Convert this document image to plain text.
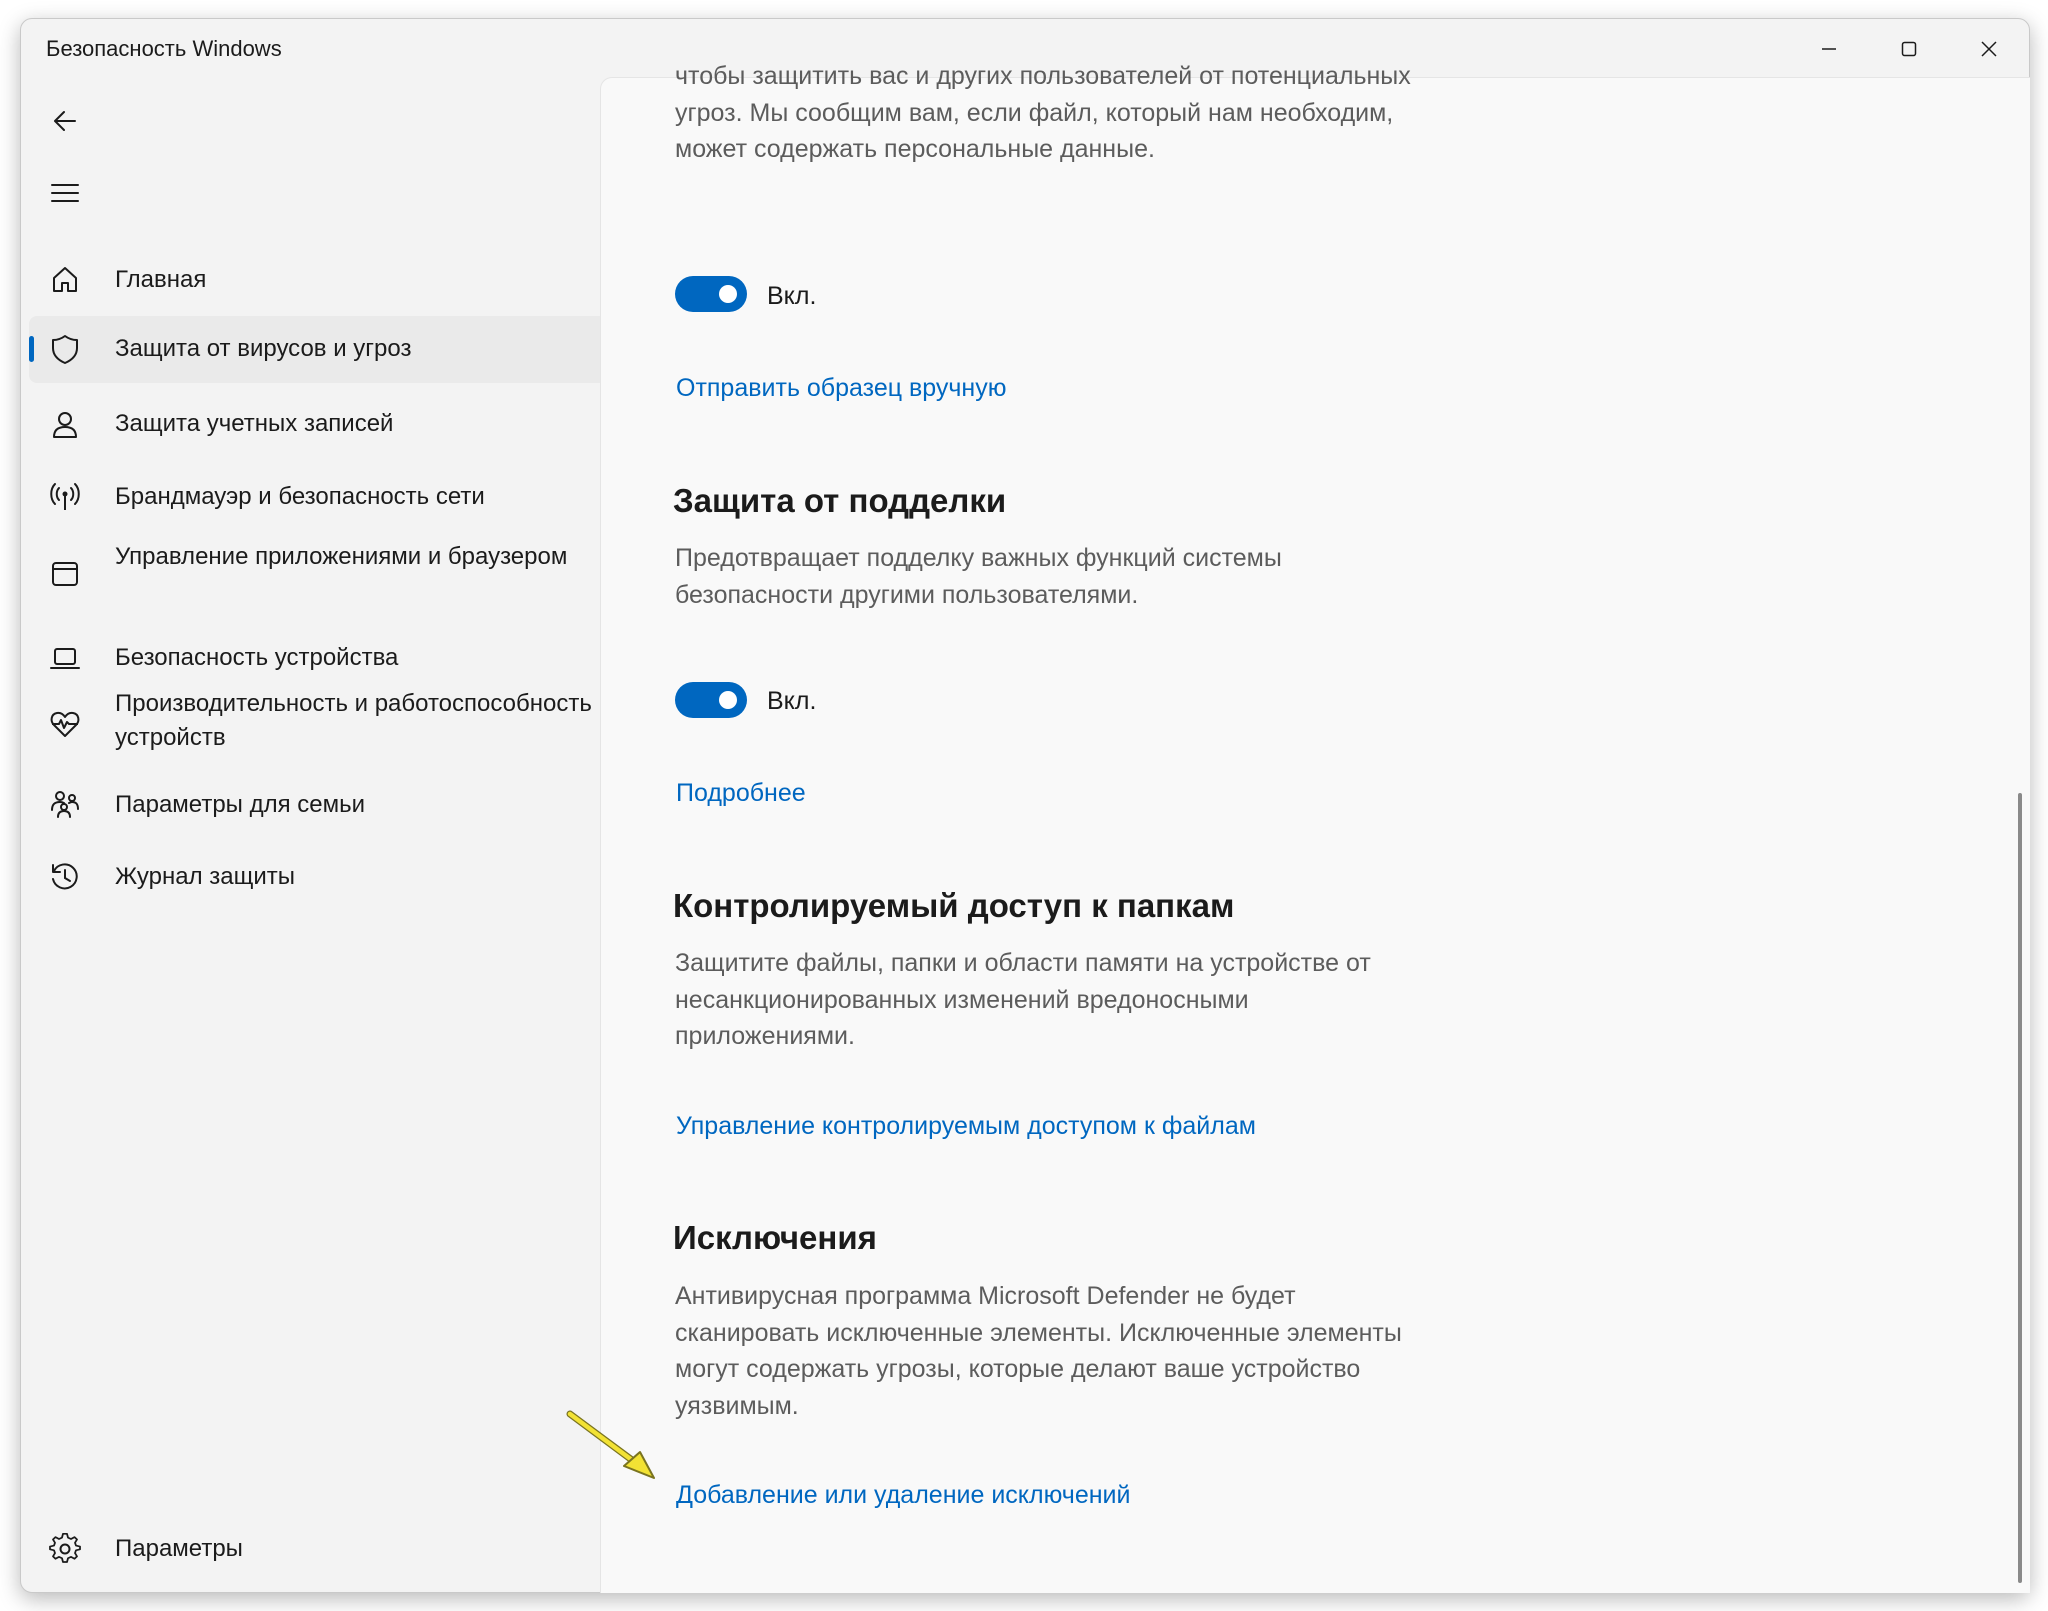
Безопасность Windows
Главная
Защита от вирусов и угроз
Защита учетных записей
Брандмауэр и безопасность сети
Управление приложениями и браузером
Безопасность устройства
Производительность и работоспособность устройств
Параметры для семьи
Журнал защиты
Параметры
чтобы защитить вас и других пользователей от потенциальных угроз. Мы сообщим вам, если файл, который нам необходим, может содержать персональные данные.
Вкл.
Отправить образец вручную
Защита от подделки
Предотвращает подделку важных функций системы безопасности другими пользователями.
Вкл.
Подробнее
Контролируемый доступ к папкам
Защитите файлы, папки и области памяти на устройстве от несанкционированных изменений вредоносными приложениями.
Управление контролируемым доступом к файлам
Исключения
Антивирусная программа Microsoft Defender не будет сканировать исключенные элементы. Исключенные элементы могут содержать угрозы, которые делают ваше устройство уязвимым.
Добавление или удаление исключений
